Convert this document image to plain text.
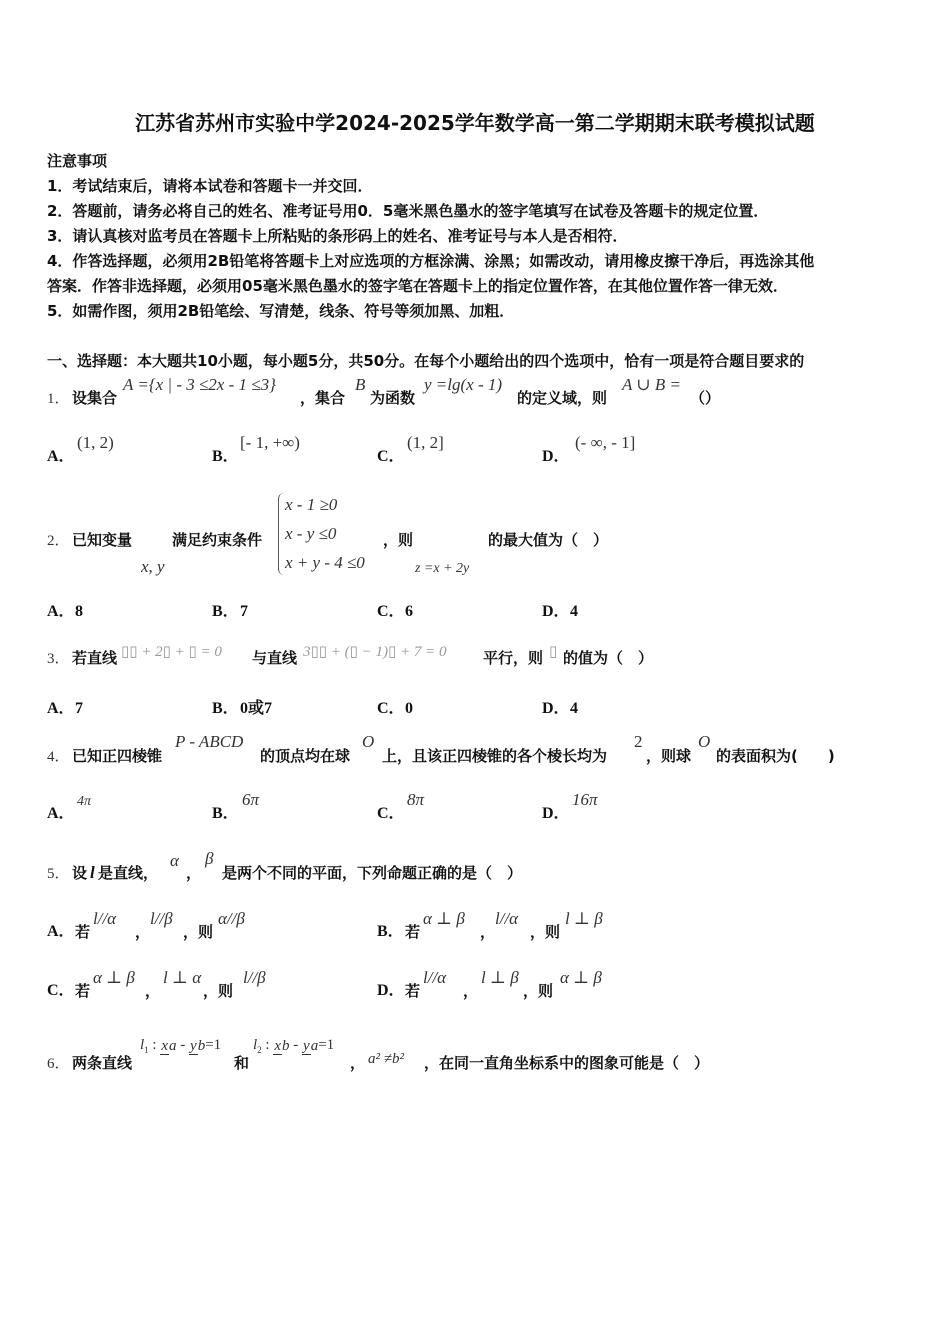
江苏省苏州市实验中学2024-2025学年数学高一第二学期期末联考模拟试题
注意事项
1．考试结束后，请将本试卷和答题卡一并交回．
2．答题前，请务必将自己的姓名、准考证号用0．5毫米黑色墨水的签字笔填写在试卷及答题卡的规定位置．
3．请认真核对监考员在答题卡上所粘贴的条形码上的姓名、准考证号与本人是否相符．
4．作答选择题，必须用2B铅笔将答题卡上对应选项的方框涂满、涂黑；如需改动，请用橡皮擦干净后，再选涂其他
答案．作答非选择题，必须用05毫米黑色墨水的签字笔在答题卡上的指定位置作答，在其他位置作答一律无效．
5．如需作图，须用2B铅笔绘、写清楚，线条、符号等须加黑、加粗．
一、选择题：本大题共10小题，每小题5分，共50分。在每个小题给出的四个选项中，恰有一项是符合题目要求的
1． 设集合
A ={x | - 3 ≤2x - 1 ≤3}
，集合
B
为函数
y =lg(x - 1)
的定义域，则
A ∪ B =
（）
A．
(1, 2)
B．
[- 1, +∞)
C．
(1, 2]
D．
(- ∞, - 1]
2． 已知变量
x, y
满足约束条件
x - 1 ≥0
x - y ≤0
x + y - 4 ≤0
，则
z =x + 2y
的最大值为（　）
A． 8	B． 7	C． 6	D． 4
3． 若直线 ▯▯ + 2▯ + ▯ = 0 与直线 3▯▯ + (▯ − 1)▯ + 7 = 0 平行，则 ▯ 的值为（　）
A． 7	B． 0或7	C． 0	D． 4
4． 已知正四棱锥
P - ABCD
的顶点均在球
O
上，且该正四棱锥的各个棱长均为
2
，则球
O
的表面积为(　　)
A．
4π
B．
6π
C．
8π
D．
16π
5． 设 l 是直线，
α
，
β
是两个不同的平面，下列命题正确的是（　）
A． 若
l//α
，
l//β
，则
α//β
B． 若
α ⊥ β
，
l//α
，则
l ⊥ β
C． 若
α ⊥ β
，
l ⊥ α
，则
l//β
D． 若
l//α
，
l ⊥ β
，则
α ⊥ β
6． 两条直线
$l_1$ : xa - yb=1
和
$l_2$ : xb - ya=1
， a² ≠b² ，在同一直角坐标系中的图象可能是（　）
